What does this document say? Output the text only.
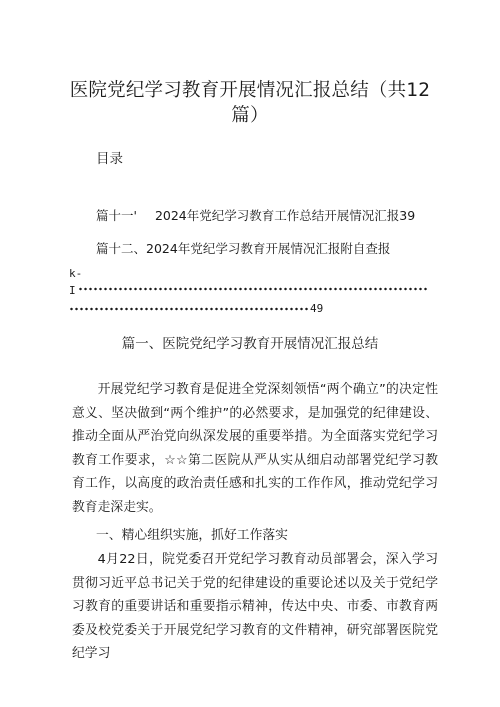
医院党纪学习教育开展情况汇报总结（共12
篇）
目录
篇十一' 2024年党纪学习教育工作总结开展情况汇报39
篇十二、2024年党纪学习教育开展情况汇报附自查报
k-
I
49
篇一、医院党纪学习教育开展情况汇报总结

开展党纪学习教育是促进全党深刻领悟“两个确立”的决定性意义、坚决做到“两个维护”的必然要求，是加强党的纪律建设、推动全面从严治党向纵深发展的重要举措。为全面落实党纪学习教育工作要求，☆☆第二医院从严从实从细启动部署党纪学习教育工作，以高度的政治责任感和扎实的工作作风，推动党纪学习教育走深走实。

一、精心组织实施，抓好工作落实

4月22日，院党委召开党纪学习教育动员部署会，深入学习贯彻习近平总书记关于党的纪律建设的重要论述以及关于党纪学习教育的重要讲话和重要指示精神，传达中央、市委、市教育两委及校党委关于开展党纪学习教育的文件精神，研究部署医院党纪学习
